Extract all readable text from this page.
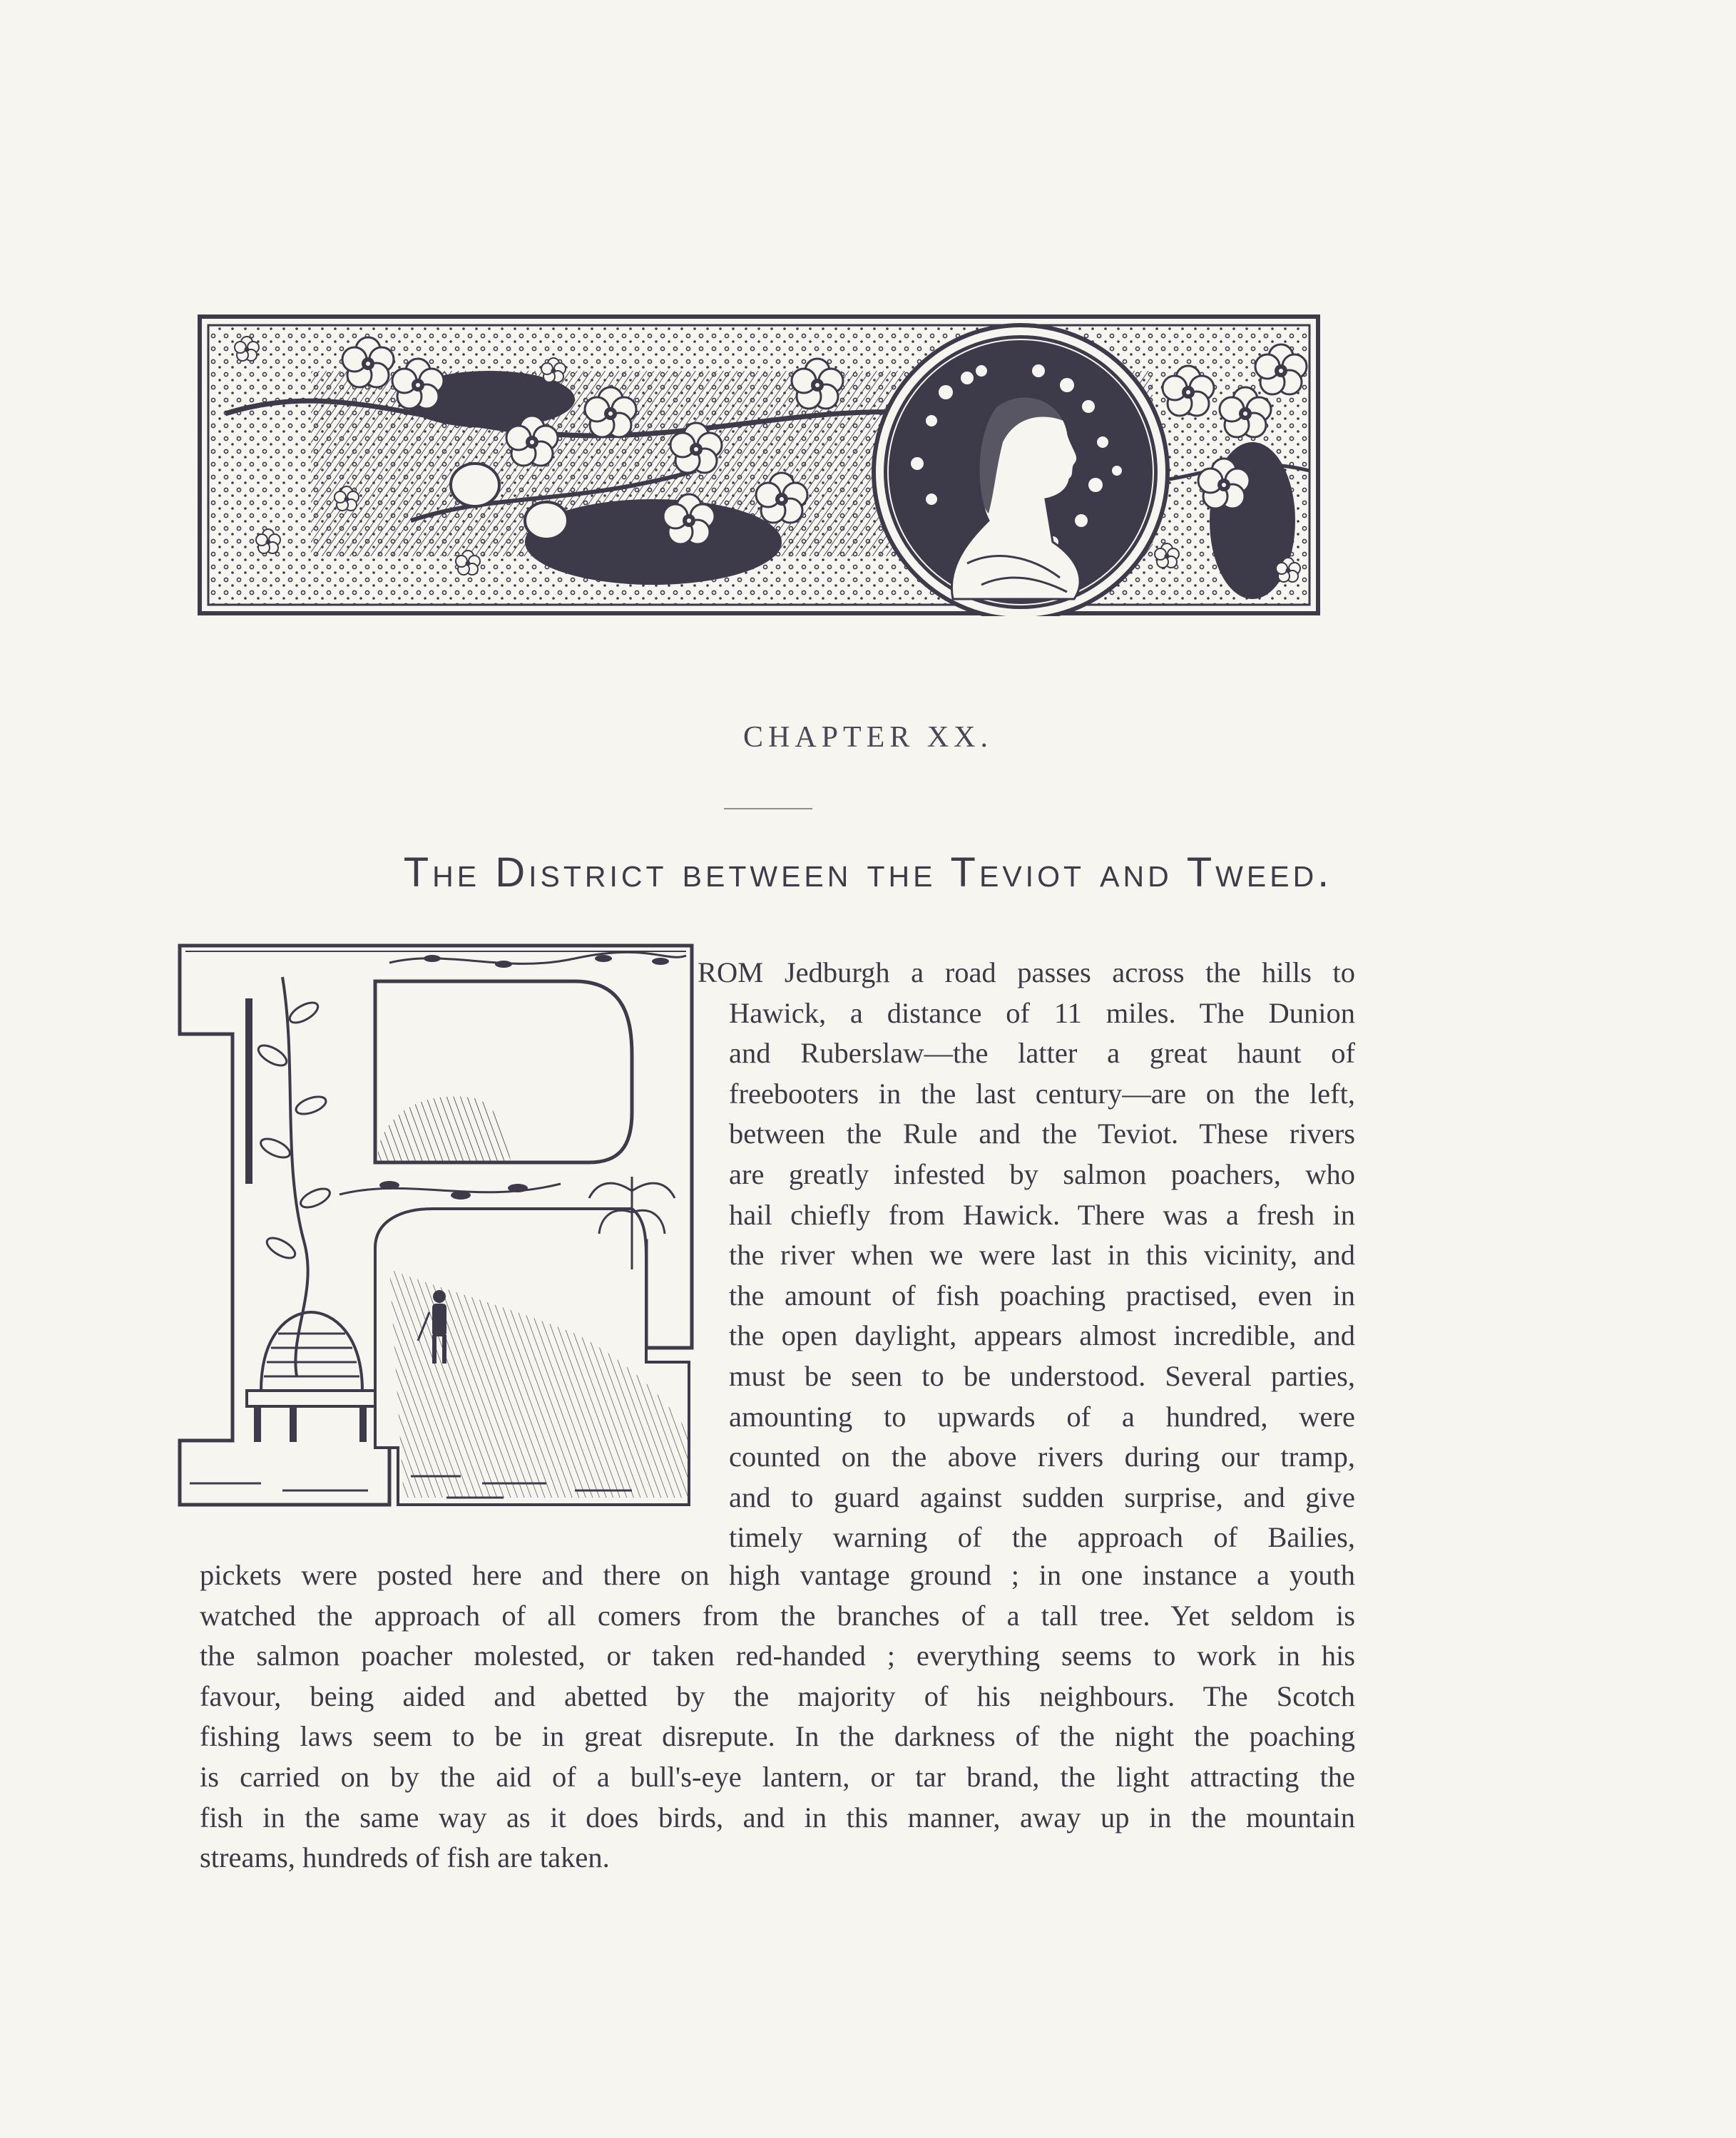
CHAPTER XX.
The District between the Teviot and Tweed.
ROM Jedburgh a road passes across the hills to
Hawick, a distance of 11 miles. The Dunion
and Ruberslaw—the latter a great haunt of
freebooters in the last century—are on the left,
between the Rule and the Teviot. These rivers
are greatly infested by salmon poachers, who
hail chiefly from Hawick. There was a fresh in
the river when we were last in this vicinity, and
the amount of fish poaching practised, even in
the open daylight, appears almost incredible, and
must be seen to be understood. Several parties,
amounting to upwards of a hundred, were
counted on the above rivers during our tramp,
and to guard against sudden surprise, and give
timely warning of the approach of Bailies,
pickets were posted here and there on high vantage ground ; in one instance a youth
watched the approach of all comers from the branches of a tall tree. Yet seldom is
the salmon poacher molested, or taken red-handed ; everything seems to work in his
favour, being aided and abetted by the majority of his neighbours. The Scotch
fishing laws seem to be in great disrepute. In the darkness of the night the poaching
is carried on by the aid of a bull's-eye lantern, or tar brand, the light attracting the
fish in the same way as it does birds, and in this manner, away up in the mountain
streams, hundreds of fish are taken.
